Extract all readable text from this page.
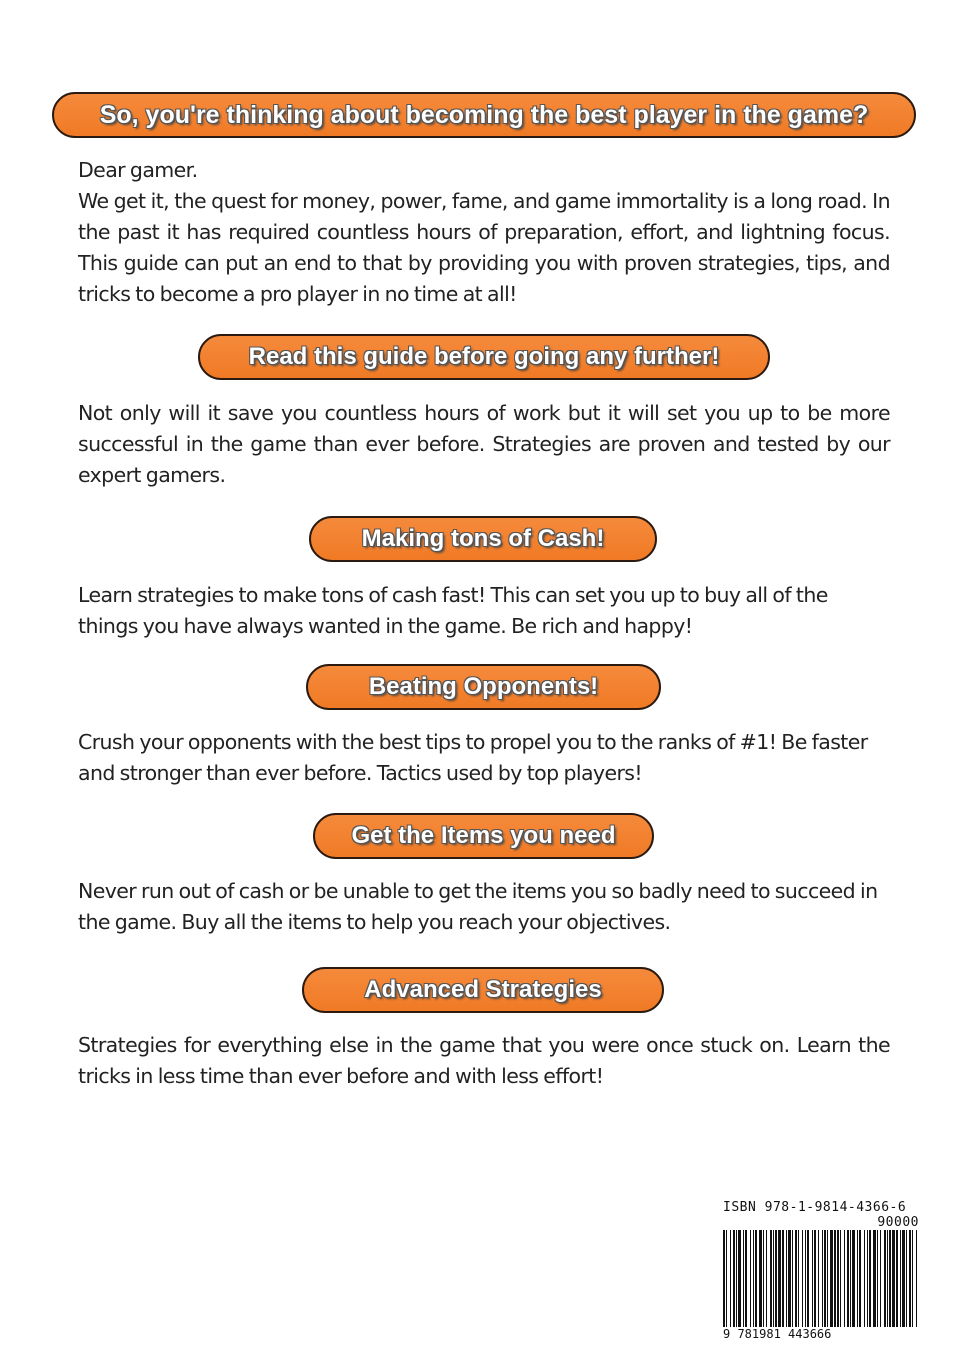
So, you're thinking about becoming the best player in the game?

Dear gamer.

We get it, the quest for money, power, fame, and game immortality is a long road. In the past it has required countless hours of preparation, effort, and lightning focus. This guide can put an end to that by providing you with proven strategies, tips, and tricks to become a pro player in no time at all!

Read this guide before going any further!

Not only will it save you countless hours of work but it will set you up to be more successful in the game than ever before. Strategies are proven and tested by our expert gamers.

Making tons of Cash!

Learn strategies to make tons of cash fast! This can set you up to buy all of the things you have always wanted in the game. Be rich and happy!

Beating Opponents!

Crush your opponents with the best tips to propel you to the ranks of #1! Be faster and stronger than ever before. Tactics used by top players!

Get the Items you need

Never run out of cash or be unable to get the items you so badly need to succeed in the game. Buy all the items to help you reach your objectives.

Advanced Strategies

Strategies for everything else in the game that you were once stuck on. Learn the tricks in less time than ever before and with less effort!

ISBN 978-1-9814-4366-6
90000
9 781981 443666
